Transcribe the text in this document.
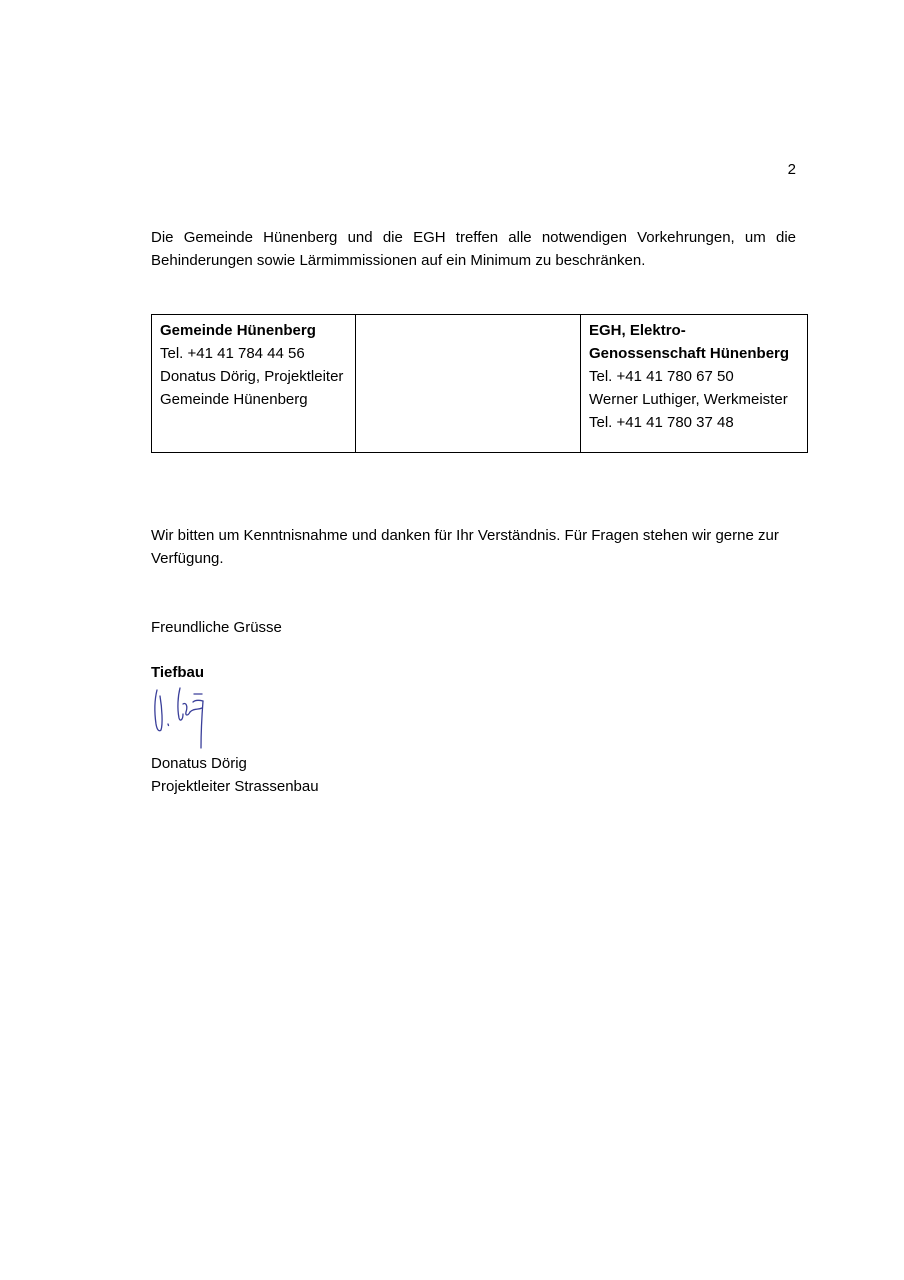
2

Die Gemeinde Hünenberg und die EGH treffen alle notwendigen Vorkehrungen, um die Behinderungen sowie Lärmimmissionen auf ein Minimum zu beschränken.

Gemeinde Hünenberg
Tel. +41 41 784 44 56
Donatus Dörig, Projektleiter
Gemeinde Hünenberg

EGH, Elektro-
Genossenschaft Hünenberg
Tel. +41 41 780 67 50
Werner Luthiger, Werkmeister
Tel. +41 41 780 37 48

Wir bitten um Kenntnisnahme und danken für Ihr Verständnis. Für Fragen stehen wir gerne zur Verfügung.

Freundliche Grüsse

Tiefbau

Donatus Dörig
Projektleiter Strassenbau
